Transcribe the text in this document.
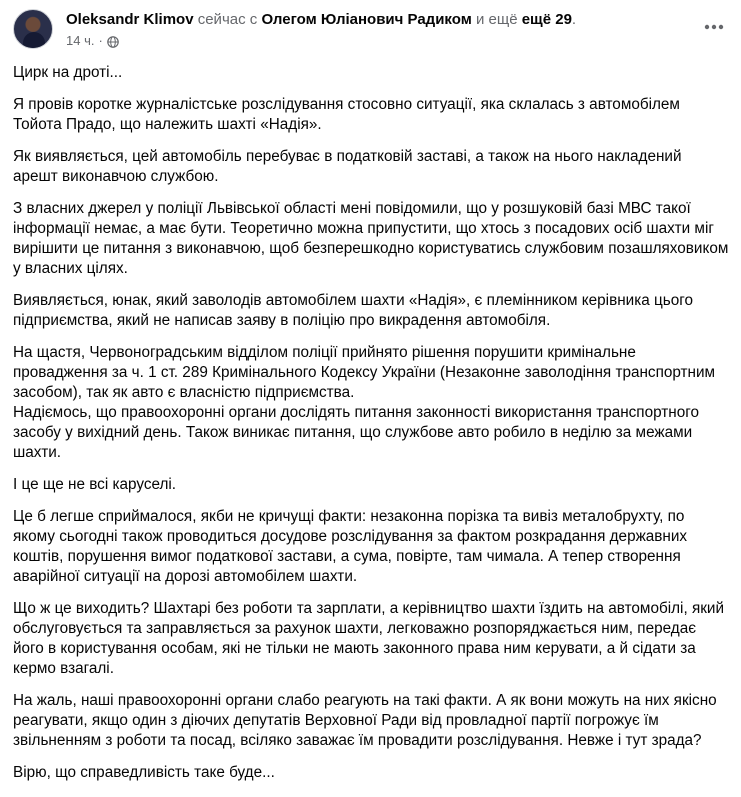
Oleksandr Klimov сейчас с Олегом Юліанович Радиком и ещё ещё 29.
14 ч. ·

Цирк на дроті...

Я провів коротке журналістське розслідування стосовно ситуації, яка склалась з автомобілем Тойота Прадо, що належить шахті «Надія».

Як виявляється, цей автомобіль перебуває в податковій заставі, а також на нього накладений арешт виконавчою службою.

З власних джерел у поліції Львівської області мені повідомили, що у розшуковій базі МВС такої інформації немає, а має бути. Теоретично можна припустити, що хтось з посадових осіб шахти міг вирішити це питання з виконавчою, щоб безперешкодно користуватись службовим позашляховиком у власних цілях.

Виявляється, юнак, який заволодів автомобілем шахти «Надія», є племінником керівника цього підприємства, який не написав заяву в поліцію про викрадення автомобіля.

На щастя, Червоноградським відділом поліції прийнято рішення порушити кримінальне провадження за ч. 1 ст. 289 Кримінального Кодексу України (Незаконне заволодіння транспортним засобом), так як авто є власністю підприємства.

Надіємось, що правоохоронні органи дослідять питання законності використання транспортного засобу у вихідний день. Також виникає питання, що службове авто робило в неділю за межами шахти.

І це ще не всі каруселі.

Це б легше сприймалося, якби не кричущі факти: незаконна порізка та вивіз металобрухту, по якому сьогодні також проводиться досудове розслідування за фактом розкрадання державних коштів, порушення вимог податкової застави, а сума, повірте, там чимала. А тепер створення аварійної ситуації на дорозі автомобілем шахти.

Що ж це виходить? Шахтарі без роботи та зарплати, а керівництво шахти їздить на автомобілі, який обслуговується та заправляється за рахунок шахти, легковажно розпоряджається ним, передає його в користування особам, які не тільки не мають законного права ним керувати, а й сідати за кермо взагалі.

На жаль, наші правоохоронні органи слабо реагують на такі факти. А як вони можуть на них якісно реагувати, якщо один з діючих депутатів Верховної Ради від провладної партії погрожує їм звільненням з роботи та посад, всіляко заважає їм провадити розслідування. Невже і тут зрада?

Вірю, що справедливість таке буде...
